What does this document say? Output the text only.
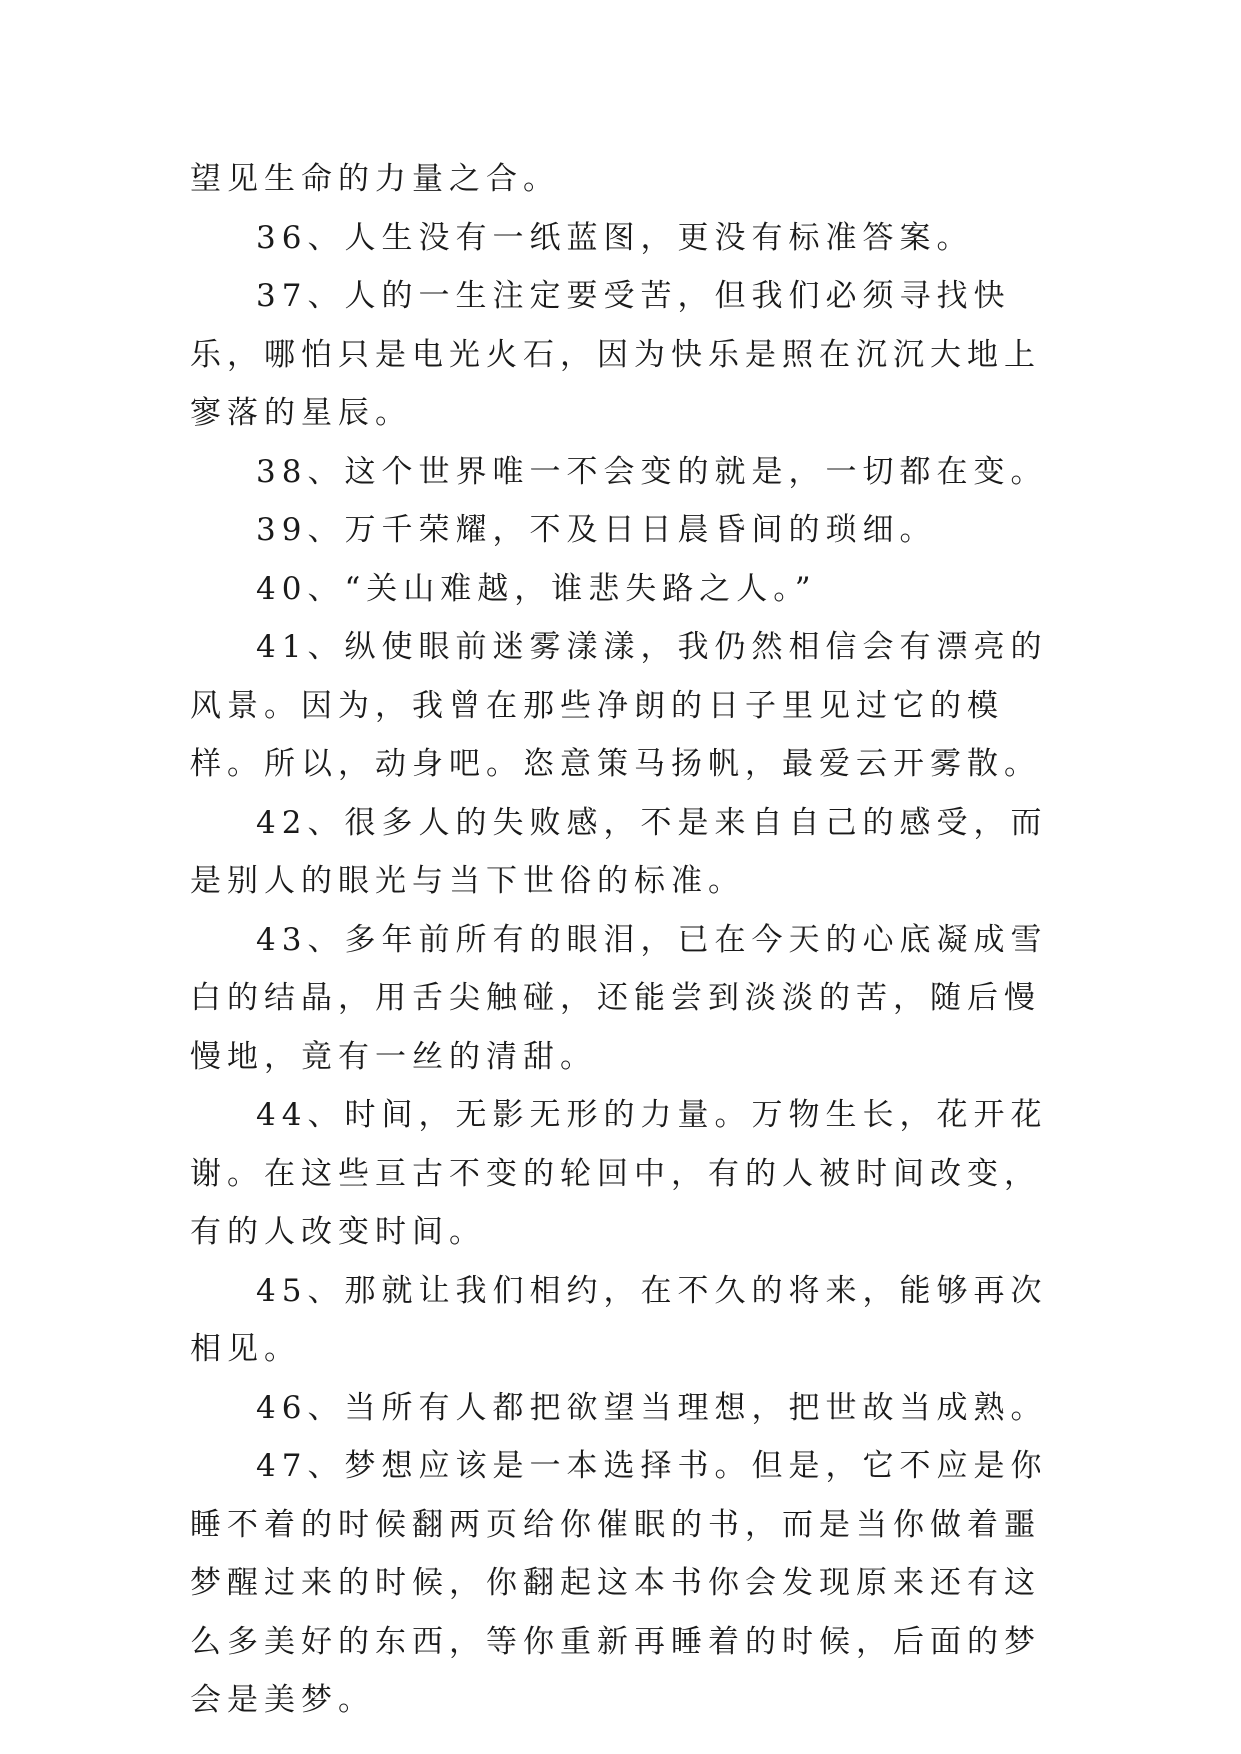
望见生命的力量之合。

36、人生没有一纸蓝图，更没有标准答案。

37、人的一生注定要受苦，但我们必须寻找快乐，哪怕只是电光火石，因为快乐是照在沉沉大地上寥落的星辰。

38、这个世界唯一不会变的就是，一切都在变。

39、万千荣耀，不及日日晨昏间的琐细。

40、“关山难越，谁悲失路之人。”

41、纵使眼前迷雾漾漾，我仍然相信会有漂亮的风景。因为，我曾在那些净朗的日子里见过它的模样。所以，动身吧。恣意策马扬帆，最爱云开雾散。

42、很多人的失败感，不是来自自己的感受，而是别人的眼光与当下世俗的标准。

43、多年前所有的眼泪，已在今天的心底凝成雪白的结晶，用舌尖触碰，还能尝到淡淡的苦，随后慢慢地，竟有一丝的清甜。

44、时间，无影无形的力量。万物生长，花开花谢。在这些亘古不变的轮回中，有的人被时间改变，有的人改变时间。

45、那就让我们相约，在不久的将来，能够再次相见。

46、当所有人都把欲望当理想，把世故当成熟。

47、梦想应该是一本选择书。但是，它不应是你睡不着的时候翻两页给你催眠的书，而是当你做着噩梦醒过来的时候，你翻起这本书你会发现原来还有这么多美好的东西，等你重新再睡着的时候，后面的梦会是美梦。
